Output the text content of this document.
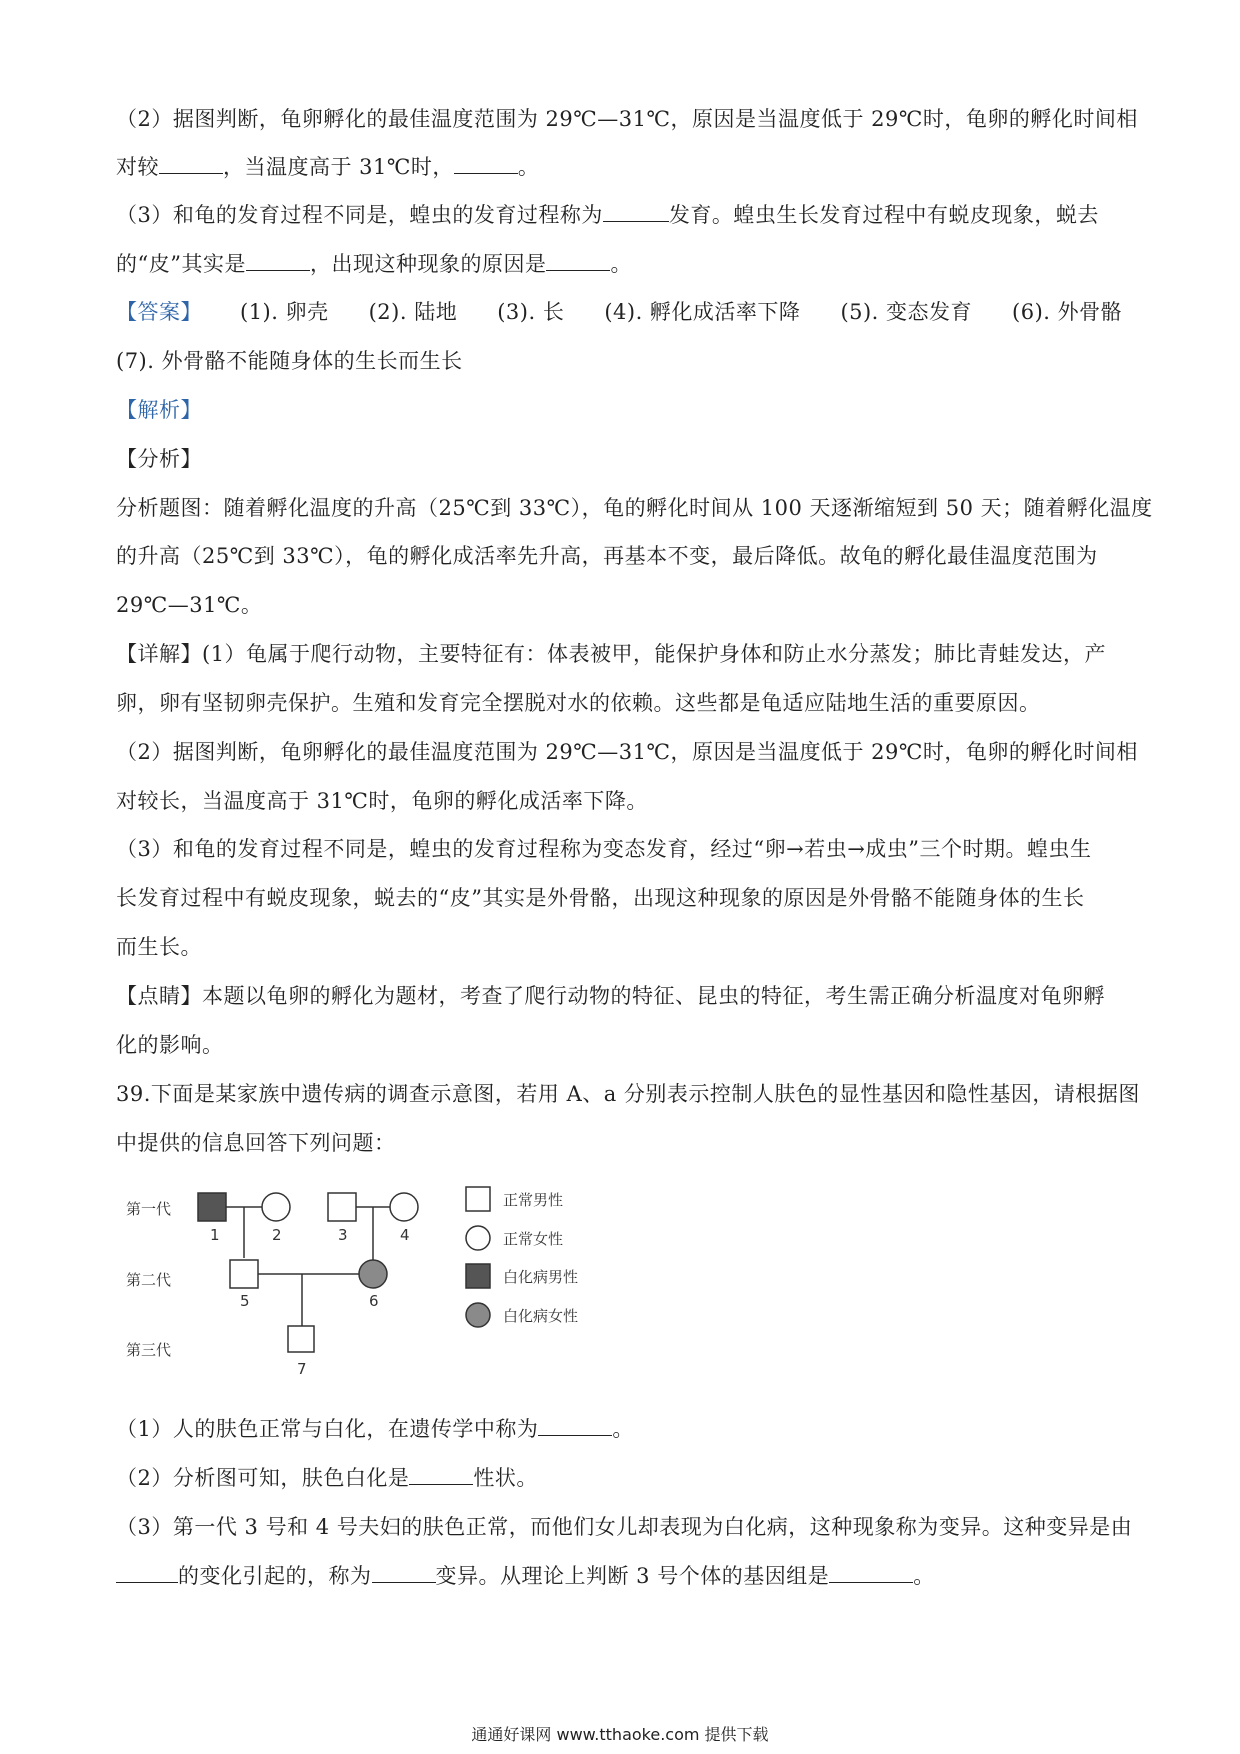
（2）据图判断，龟卵孵化的最佳温度范围为 29℃—31℃，原因是当温度低于 29℃时，龟卵的孵化时间相
对较	，当温度高于 31℃时，	。
（3）和龟的发育过程不同是，蝗虫的发育过程称为	发育。蝗虫生长发育过程中有蜕皮现象，蜕去
的“皮”其实是	，出现这种现象的原因是	。
【答案】 (1). 卵壳 (2). 陆地 (3). 长 (4). 孵化成活率下降 (5). 变态发育 (6). 外骨骼
(7). 外骨骼不能随身体的生长而生长
【解析】
【分析】
分析题图：随着孵化温度的升高（25℃到 33℃），龟的孵化时间从 100 天逐渐缩短到 50 天；随着孵化温度
的升高（25℃到 33℃），龟的孵化成活率先升高，再基本不变，最后降低。故龟的孵化最佳温度范围为
29℃—31℃。
【详解】(1）龟属于爬行动物，主要特征有：体表被甲，能保护身体和防止水分蒸发；肺比青蛙发达，产
卵，卵有坚韧卵壳保护。生殖和发育完全摆脱对水的依赖。这些都是龟适应陆地生活的重要原因。
（2）据图判断，龟卵孵化的最佳温度范围为 29℃—31℃，原因是当温度低于 29℃时，龟卵的孵化时间相
对较长，当温度高于 31℃时，龟卵的孵化成活率下降。
（3）和龟的发育过程不同是，蝗虫的发育过程称为变态发育，经过“卵→若虫→成虫”三个时期。蝗虫生
长发育过程中有蜕皮现象，蜕去的“皮”其实是外骨骼，出现这种现象的原因是外骨骼不能随身体的生长
而生长。
【点睛】本题以龟卵的孵化为题材，考查了爬行动物的特征、昆虫的特征，考生需正确分析温度对龟卵孵
化的影响。
39.下面是某家族中遗传病的调查示意图，若用 A、a 分别表示控制人肤色的显性基因和隐性基因，请根据图
中提供的信息回答下列问题：
第一代
第二代
第三代
1	2	3	4
5	6
7
正常男性
正常女性
白化病男性
白化病女性
（1）人的肤色正常与白化，在遗传学中称为	。
（2）分析图可知，肤色白化是	性状。
（3）第一代 3 号和 4 号夫妇的肤色正常，而他们女儿却表现为白化病，这种现象称为变异。这种变异是由
的变化引起的，称为	变异。从理论上判断 3 号个体的基因组是	。
通通好课网 www.tthaoke.com 提供下载
